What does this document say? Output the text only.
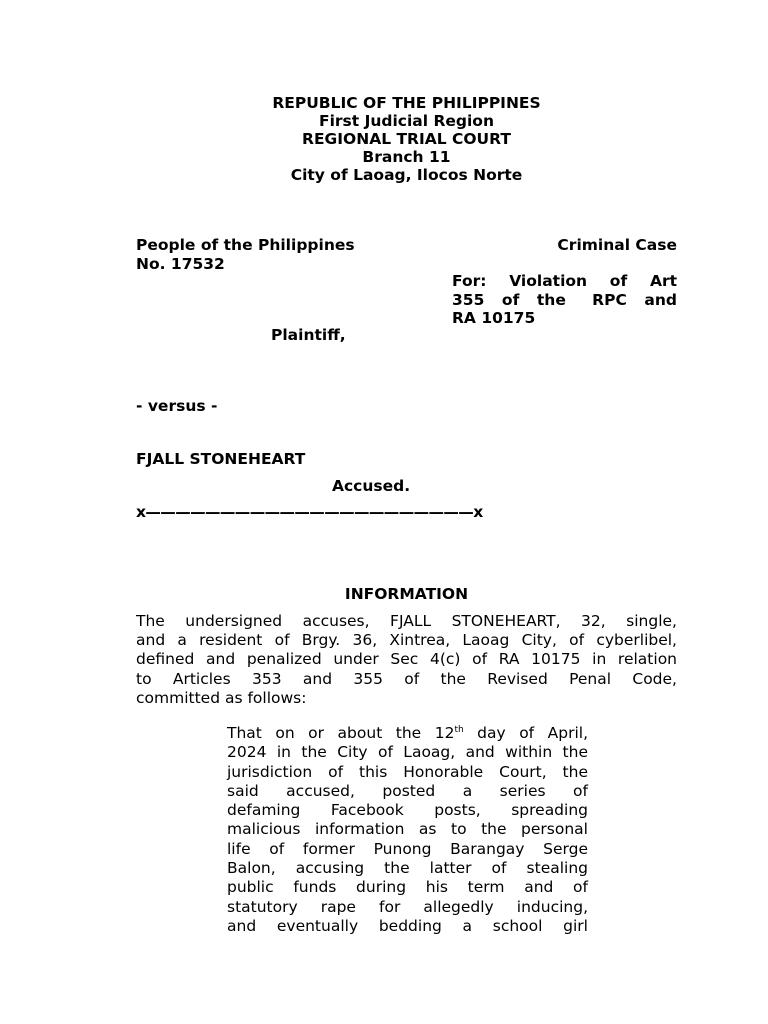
REPUBLIC OF THE PHILIPPINES
First Judicial Region
REGIONAL TRIAL COURT
Branch 11
City of Laoag, Ilocos Norte
People of the Philippines	Criminal Case
No. 17532
For:  Violation  of  Art
355  of  the   RPC  and
RA 10175
Plaintiff,
- versus -
FJALL STONEHEART
Accused.
x——————————————————————x
INFORMATION
The undersigned accuses, FJALL STONEHEART, 32, single,
and a resident of Brgy. 36, Xintrea, Laoag City, of cyberlibel,
defined and penalized under Sec 4(c) of RA 10175 in relation
to  Articles  353  and  355  of  the  Revised  Penal  Code,
committed as follows:
That on or about the 12th day of April,
2024 in the City of Laoag, and within the
jurisdiction of this Honorable Court, the
said  accused,  posted  a  series  of
defaming  Facebook  posts,  spreading
malicious information as to the personal
life  of  former  Punong  Barangay  Serge
Balon,  accusing  the  latter  of  stealing
public  funds  during  his  term  and  of
statutory rape for allegedly inducing,
and  eventually  bedding  a  school  girl
